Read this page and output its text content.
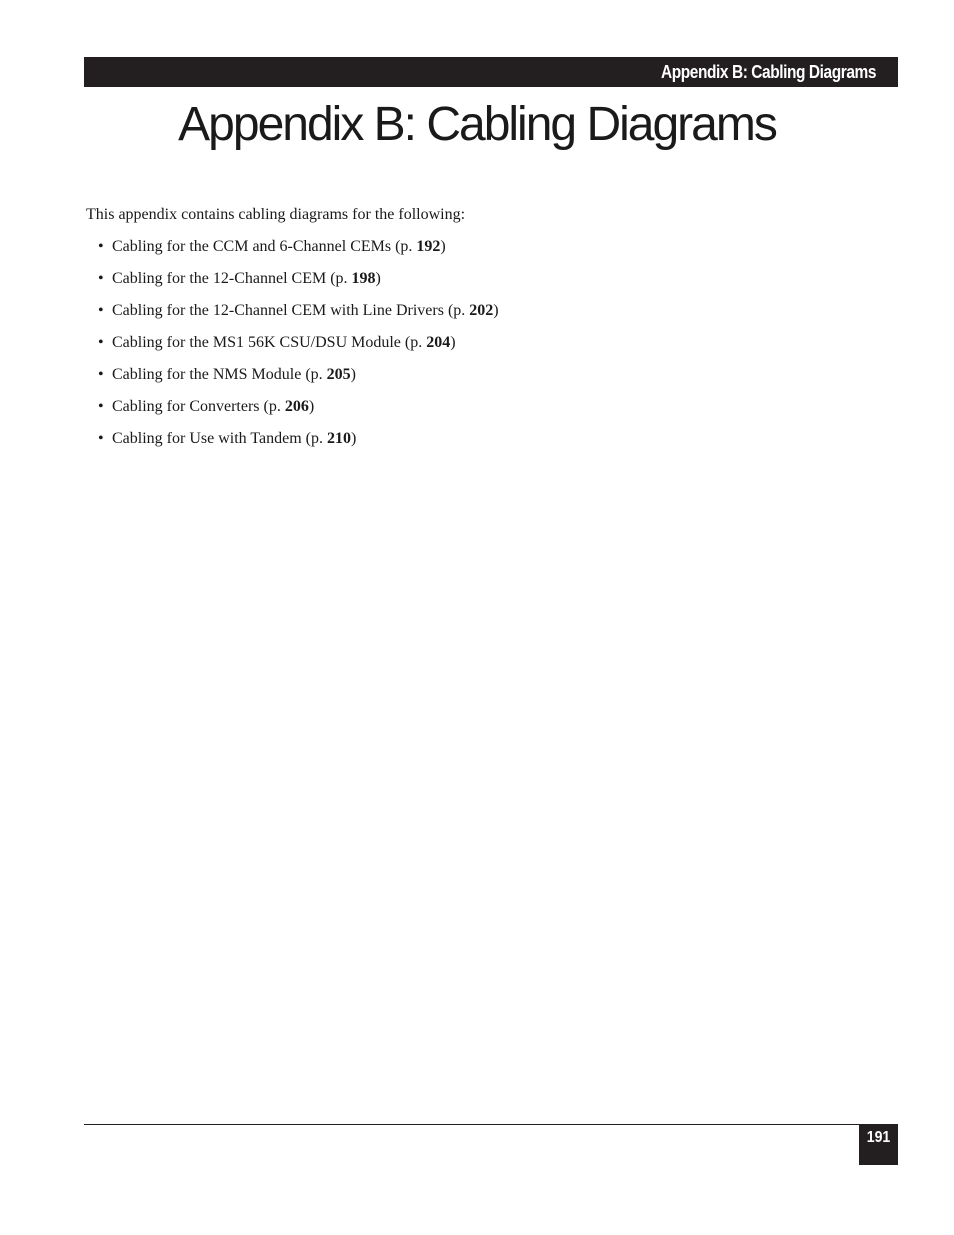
Appendix B: Cabling Diagrams
Appendix B: Cabling Diagrams

This appendix contains cabling diagrams for the following:

• Cabling for the CCM and 6-Channel CEMs (p. 192)
• Cabling for the 12-Channel CEM (p. 198)
• Cabling for the 12-Channel CEM with Line Drivers (p. 202)
• Cabling for the MS1 56K CSU/DSU Module (p. 204)
• Cabling for the NMS Module (p. 205)
• Cabling for Converters (p. 206)
• Cabling for Use with Tandem (p. 210)
191
